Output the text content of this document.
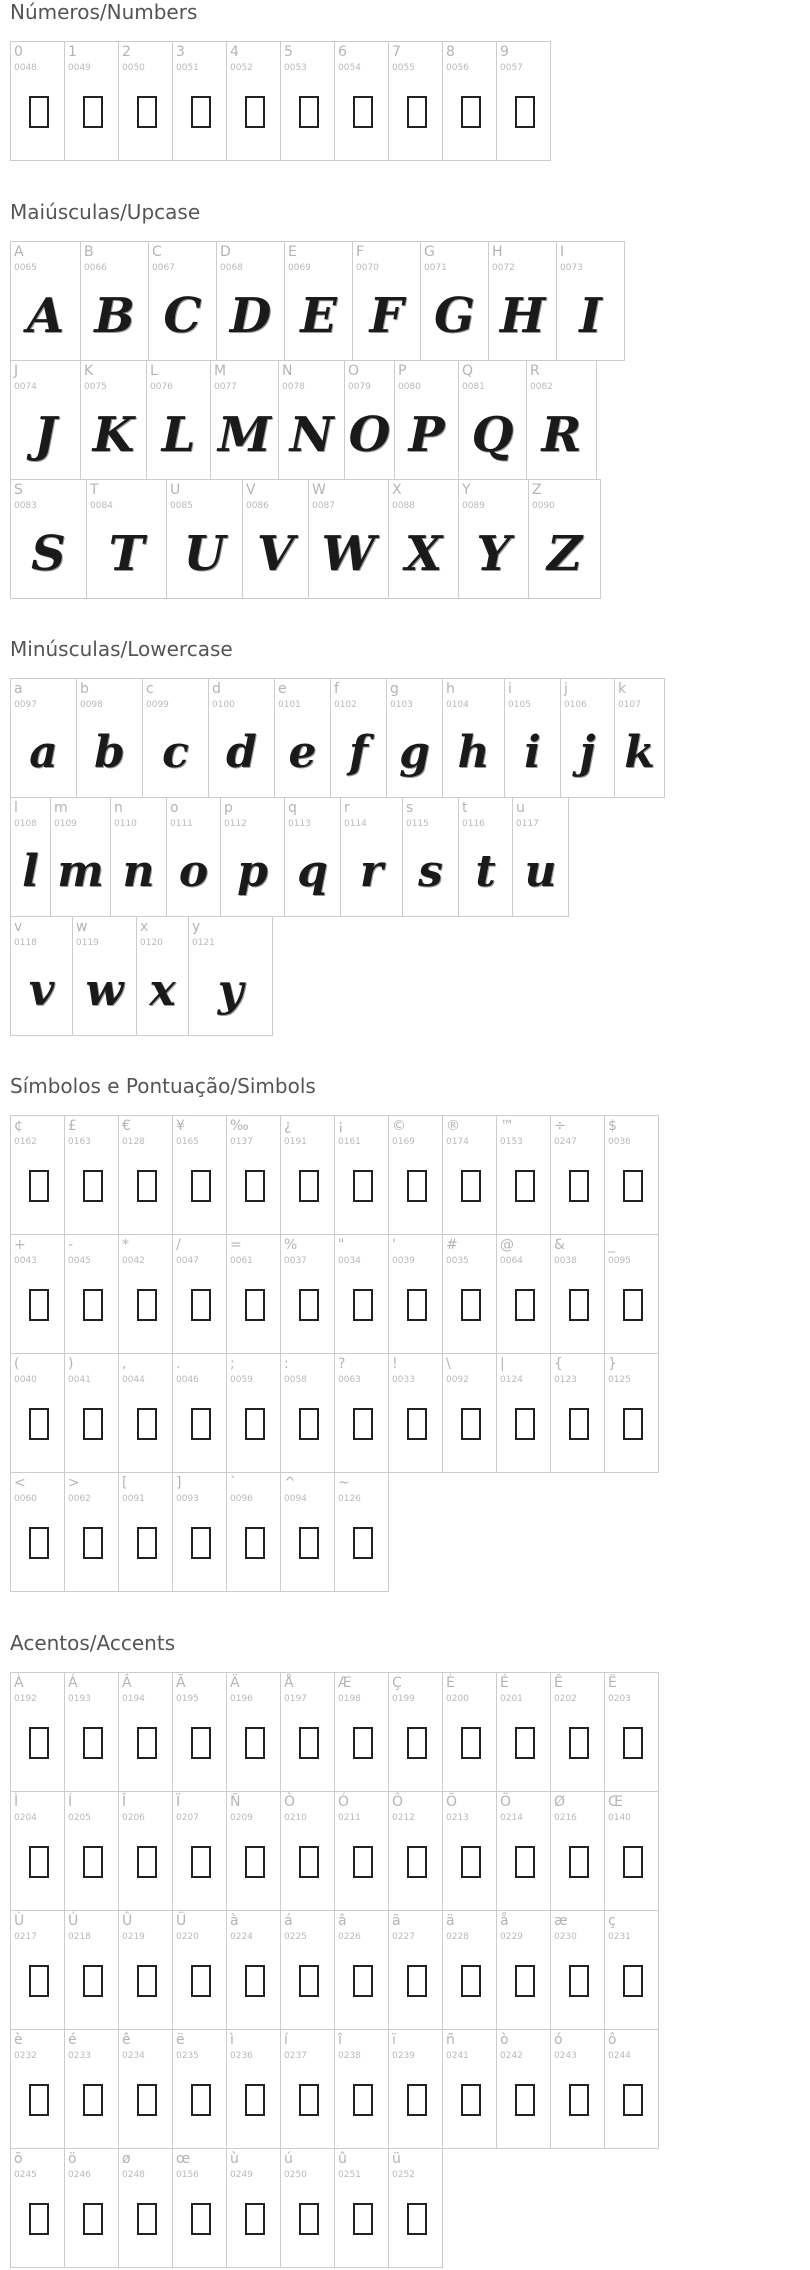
Números/Numbers
0
0048
1
0049
2
0050
3
0051
4
0052
5
0053
6
0054
7
0055
8
0056
9
0057
Maiúsculas/Upcase
A
0065
A
B
0066
B
C
0067
C
D
0068
D
E
0069
E
F
0070
F
G
0071
G
H
0072
H
I
0073
I
J
0074
J
K
0075
K
L
0076
L
M
0077
M
N
0078
N
O
0079
O
P
0080
P
Q
0081
Q
R
0082
R
S
0083
S
T
0084
T
U
0085
U
V
0086
V
W
0087
W
X
0088
X
Y
0089
Y
Z
0090
Z
Minúsculas/Lowercase
a
0097
a
b
0098
b
c
0099
c
d
0100
d
e
0101
e
f
0102
f
g
0103
g
h
0104
h
i
0105
i
j
0106
j
k
0107
k
l
0108
l
m
0109
m
n
0110
n
o
0111
o
p
0112
p
q
0113
q
r
0114
r
s
0115
s
t
0116
t
u
0117
u
v
0118
v
w
0119
w
x
0120
x
y
0121
y
Símbolos e Pontuação/Simbols
¢
0162
£
0163
€
0128
¥
0165
‰
0137
¿
0191
¡
0161
©
0169
®
0174
™
0153
÷
0247
$
0036
+
0043
-
0045
*
0042
/
0047
=
0061
%
0037
"
0034
'
0039
#
0035
@
0064
&
0038
_
0095
(
0040
)
0041
,
0044
.
0046
;
0059
:
0058
?
0063
!
0033
\
0092
|
0124
{
0123
}
0125
<
0060
>
0062
[
0091
]
0093
`
0096
^
0094
~
0126
Acentos/Accents
À
0192
Á
0193
Â
0194
Ã
0195
Ä
0196
Å
0197
Æ
0198
Ç
0199
È
0200
É
0201
Ê
0202
Ë
0203
Ì
0204
Í
0205
Î
0206
Ï
0207
Ñ
0209
Ò
0210
Ó
0211
Ô
0212
Õ
0213
Ö
0214
Ø
0216
Œ
0140
Ù
0217
Ú
0218
Û
0219
Ü
0220
à
0224
á
0225
â
0226
ã
0227
ä
0228
å
0229
æ
0230
ç
0231
è
0232
é
0233
ê
0234
ë
0235
ì
0236
í
0237
î
0238
ï
0239
ñ
0241
ò
0242
ó
0243
ô
0244
õ
0245
ö
0246
ø
0248
œ
0156
ù
0249
ú
0250
û
0251
ü
0252
